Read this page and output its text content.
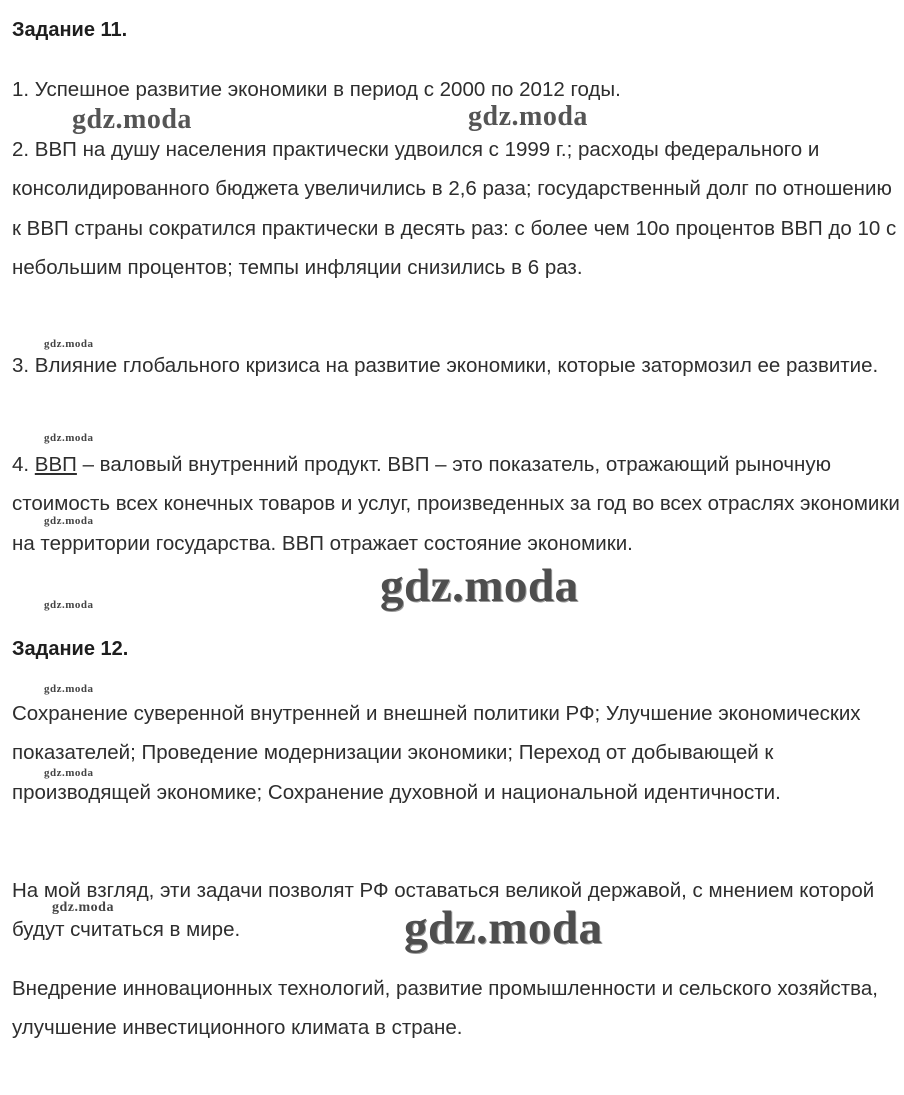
Задание 11.

1. Успешное развитие экономики в период с 2000 по 2012 годы.

2. ВВП на душу населения практически удвоился с 1999 г.; расходы федерального и консолидированного бюджета увеличились в 2,6 раза; государственный долг по отношению к ВВП страны сократился практически в десять раз: с более чем 10о процентов ВВП до 10 с небольшим процентов; темпы инфляции снизились в 6 раз.

3. Влияние глобального кризиса на развитие экономики, которые затормозил ее развитие.

4. ВВП – валовый внутренний продукт. ВВП – это показатель, отражающий рыночную стоимость всех конечных товаров и услуг, произведенных за год во всех отраслях экономики на территории государства. ВВП отражает состояние экономики.

Задание 12.

Сохранение суверенной внутренней и внешней политики РФ; Улучшение экономических показателей; Проведение модернизации экономики; Переход от добывающей к производящей экономике; Сохранение духовной и национальной идентичности.

На мой взгляд, эти задачи позволят РФ оставаться великой державой, с мнением которой будут считаться в мире.

Внедрение инновационных технологий, развитие промышленности и сельского хозяйства, улучшение инвестиционного климата в стране.

gdz.moda	gdz.moda
gdz.moda
gdz.moda
gdz.moda
gdz.moda
gdz.moda
gdz.moda
gdz.moda
gdz.moda	gdz.moda
